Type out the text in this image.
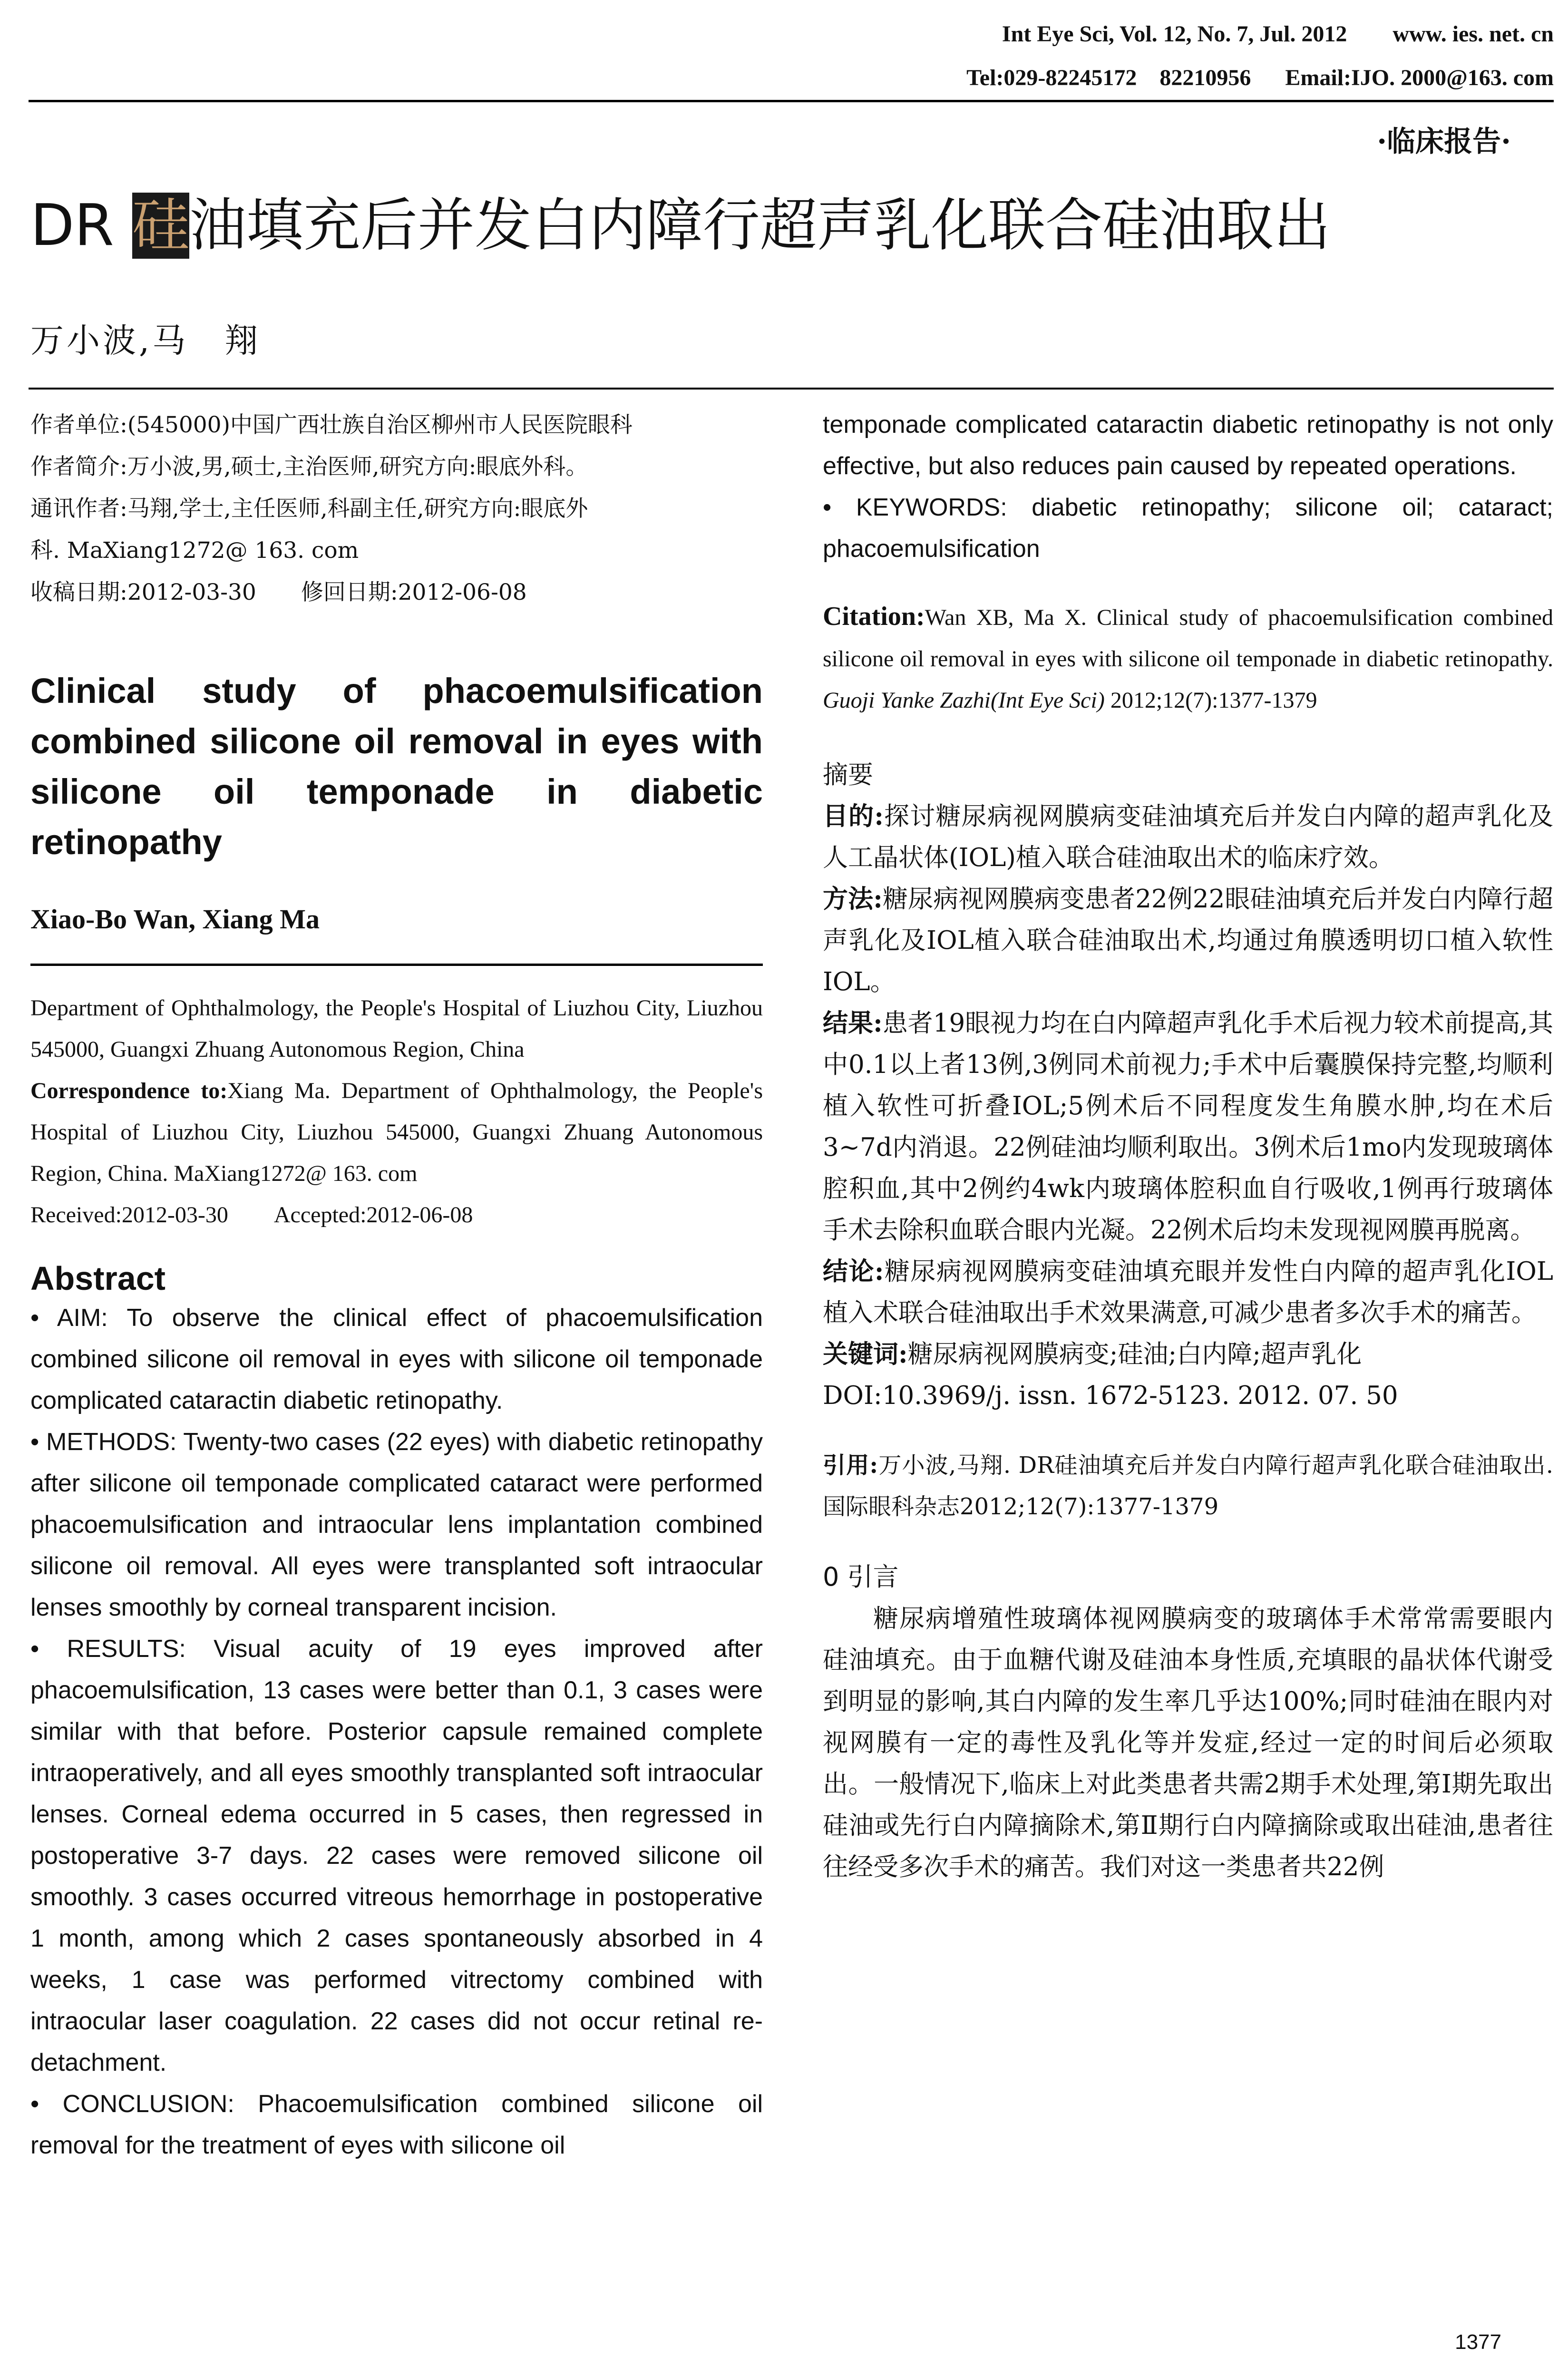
Int Eye Sci, Vol. 12, No. 7, Jul. 2012        www. ies. net. cn
Tel:029-82245172    82210956      Email:IJO. 2000@163. com
·临床报告·
DR 硅油填充后并发白内障行超声乳化联合硅油取出
万小波,马　翔
作者单位:(545000)中国广西壮族自治区柳州市人民医院眼科
作者简介:万小波,男,硕士,主治医师,研究方向:眼底外科。
通讯作者:马翔,学士,主任医师,科副主任,研究方向:眼底外
科. MaXiang1272@ 163. com
收稿日期:2012-03-30　　修回日期:2012-06-08
Clinical study of phacoemulsification combined silicone oil removal in eyes with silicone oil temponade in diabetic retinopathy
Xiao-Bo Wan, Xiang Ma
Department of Ophthalmology, the People's Hospital of Liuzhou City, Liuzhou 545000, Guangxi Zhuang Autonomous Region, China
Correspondence to:Xiang Ma. Department of Ophthalmology, the People's Hospital of Liuzhou City, Liuzhou 545000, Guangxi Zhuang Autonomous Region, China. MaXiang1272@ 163. com
Received:2012-03-30　　Accepted:2012-06-08
Abstract

• AIM: To observe the clinical effect of phacoemulsification combined silicone oil removal in eyes with silicone oil temponade complicated cataractin diabetic retinopathy.

• METHODS: Twenty-two cases (22 eyes) with diabetic retinopathy after silicone oil temponade complicated cataract were performed phacoemulsification and intraocular lens implantation combined silicone oil removal. All eyes were transplanted soft intraocular lenses smoothly by corneal transparent incision.

• RESULTS: Visual acuity of 19 eyes improved after phacoemulsification, 13 cases were better than 0.1, 3 cases were similar with that before. Posterior capsule remained complete intraoperatively, and all eyes smoothly transplanted soft intraocular lenses. Corneal edema occurred in 5 cases, then regressed in postoperative 3-7 days. 22 cases were removed silicone oil smoothly. 3 cases occurred vitreous hemorrhage in postoperative 1 month, among which 2 cases spontaneously absorbed in 4 weeks, 1 case was performed vitrectomy combined with intraocular laser coagulation. 22 cases did not occur retinal re-detachment.

• CONCLUSION: Phacoemulsification combined silicone oil removal for the treatment of eyes with silicone oil

temponade complicated cataractin diabetic retinopathy is not only effective, but also reduces pain caused by repeated operations.

• KEYWORDS: diabetic retinopathy; silicone oil; cataract; phacoemulsification

Citation:Wan XB, Ma X. Clinical study of phacoemulsification combined silicone oil removal in eyes with silicone oil temponade in diabetic retinopathy. Guoji Yanke Zazhi(Int Eye Sci) 2012;12(7):1377-1379
摘要
目的:探讨糖尿病视网膜病变硅油填充后并发白内障的超声乳化及人工晶状体(IOL)植入联合硅油取出术的临床疗效。
方法:糖尿病视网膜病变患者22例22眼硅油填充后并发白内障行超声乳化及IOL植入联合硅油取出术,均通过角膜透明切口植入软性IOL。
结果:患者19眼视力均在白内障超声乳化手术后视力较术前提高,其中0.1以上者13例,3例同术前视力;手术中后囊膜保持完整,均顺利植入软性可折叠IOL;5例术后不同程度发生角膜水肿,均在术后3~7d内消退。22例硅油均顺利取出。3例术后1mo内发现玻璃体腔积血,其中2例约4wk内玻璃体腔积血自行吸收,1例再行玻璃体手术去除积血联合眼内光凝。22例术后均未发现视网膜再脱离。
结论:糖尿病视网膜病变硅油填充眼并发性白内障的超声乳化IOL植入术联合硅油取出手术效果满意,可减少患者多次手术的痛苦。
关键词:糖尿病视网膜病变;硅油;白内障;超声乳化
DOI:10.3969/j. issn. 1672-5123. 2012. 07. 50
引用:万小波,马翔. DR硅油填充后并发白内障行超声乳化联合硅油取出. 国际眼科杂志2012;12(7):1377-1379
0 引言
糖尿病增殖性玻璃体视网膜病变的玻璃体手术常常需要眼内硅油填充。由于血糖代谢及硅油本身性质,充填眼的晶状体代谢受到明显的影响,其白内障的发生率几乎达100%;同时硅油在眼内对视网膜有一定的毒性及乳化等并发症,经过一定的时间后必须取出。一般情况下,临床上对此类患者共需2期手术处理,第Ⅰ期先取出硅油或先行白内障摘除术,第Ⅱ期行白内障摘除或取出硅油,患者往往经受多次手术的痛苦。我们对这一类患者共22例
1377
